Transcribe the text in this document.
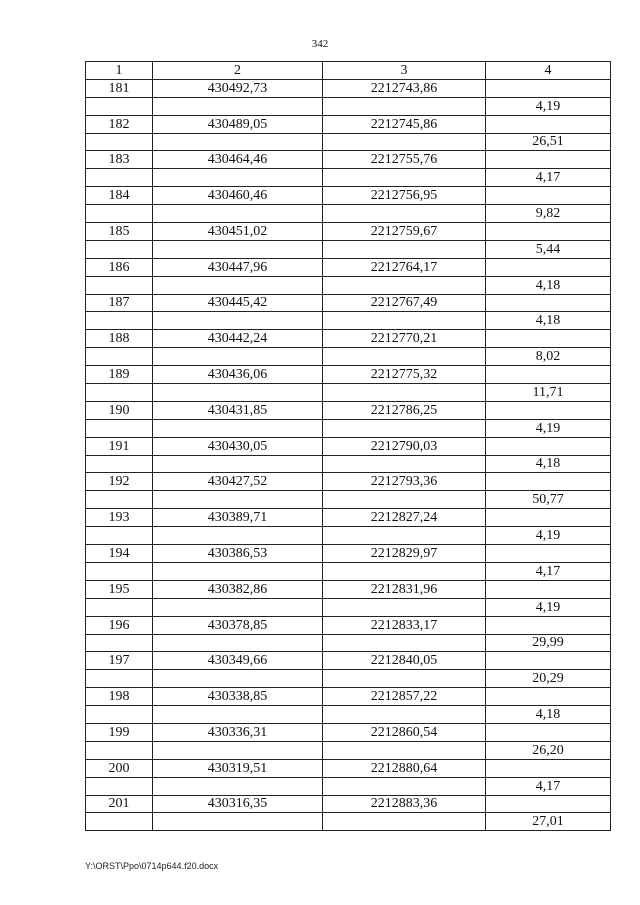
342
1	2	3	4
181	430492,73	2212743,86	
			4,19
182	430489,05	2212745,86	
			26,51
183	430464,46	2212755,76	
			4,17
184	430460,46	2212756,95	
			9,82
185	430451,02	2212759,67	
			5,44
186	430447,96	2212764,17	
			4,18
187	430445,42	2212767,49	
			4,18
188	430442,24	2212770,21	
			8,02
189	430436,06	2212775,32	
			11,71
190	430431,85	2212786,25	
			4,19
191	430430,05	2212790,03	
			4,18
192	430427,52	2212793,36	
			50,77
193	430389,71	2212827,24	
			4,19
194	430386,53	2212829,97	
			4,17
195	430382,86	2212831,96	
			4,19
196	430378,85	2212833,17	
			29,99
197	430349,66	2212840,05	
			20,29
198	430338,85	2212857,22	
			4,18
199	430336,31	2212860,54	
			26,20
200	430319,51	2212880,64	
			4,17
201	430316,35	2212883,36	
			27,01
Y:\ORST\Ppo\0714p644.f20.docx
